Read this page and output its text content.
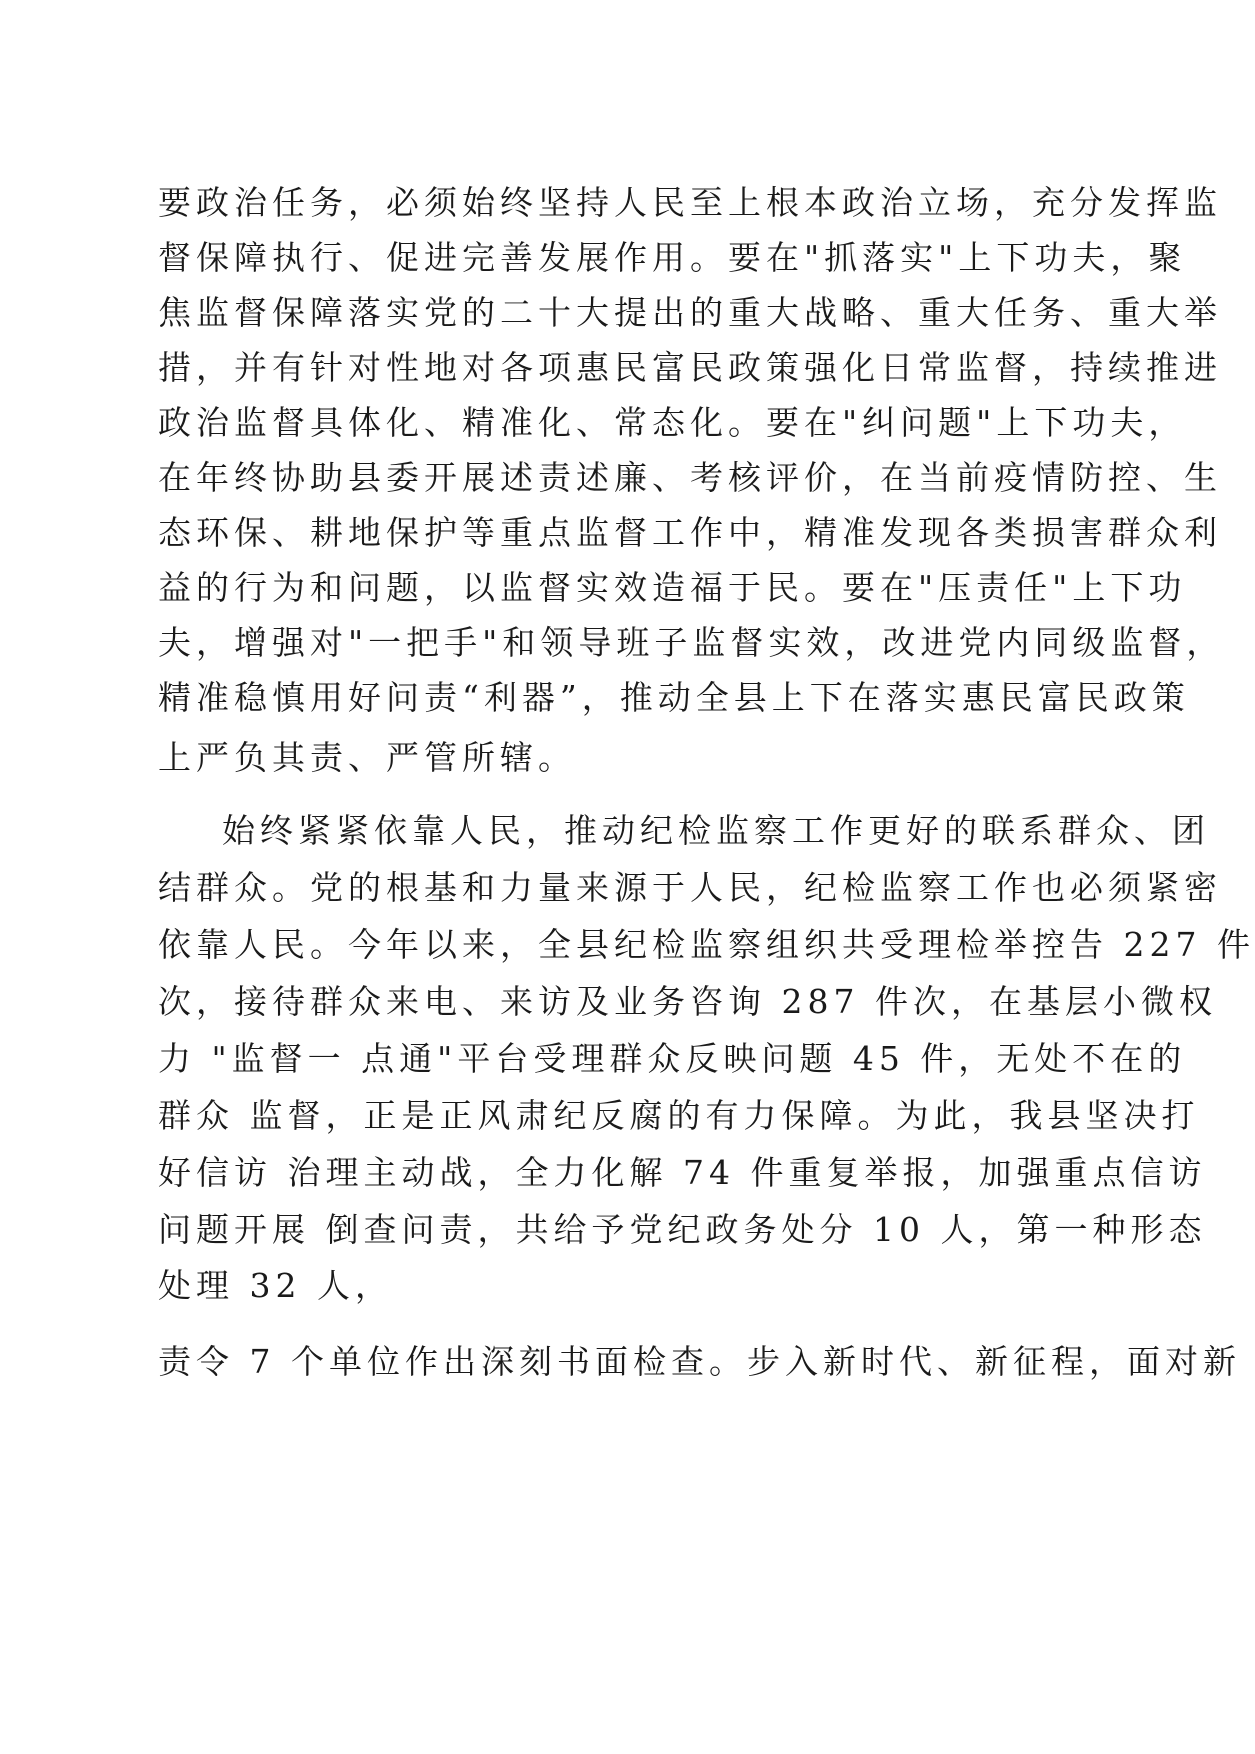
要政治任务，必须始终坚持人民至上根本政治立场，充分发挥监
督保障执行、促进完善发展作用。要在"抓落实"上下功夫，聚
焦监督保障落实党的二十大提出的重大战略、重大任务、重大举
措，并有针对性地对各项惠民富民政策强化日常监督，持续推进
政治监督具体化、精准化、常态化。要在"纠问题"上下功夫，
在年终协助县委开展述责述廉、考核评价，在当前疫情防控、生
态环保、耕地保护等重点监督工作中，精准发现各类损害群众利
益的行为和问题，以监督实效造福于民。要在"压责任"上下功
夫，增强对"一把手"和领导班子监督实效，改进党内同级监督，
精准稳慎用好问责“利器”，推动全县上下在落实惠民富民政策
上严负其责、严管所辖。
始终紧紧依靠人民，推动纪检监察工作更好的联系群众、团
结群众。党的根基和力量来源于人民，纪检监察工作也必须紧密
依靠人民。今年以来，全县纪检监察组织共受理检举控告 227 件
次，接待群众来电、来访及业务咨询 287 件次，在基层小微权
力 "监督一 点通"平台受理群众反映问题 45 件，无处不在的
群众 监督，正是正风肃纪反腐的有力保障。为此，我县坚决打
好信访 治理主动战，全力化解 74 件重复举报，加强重点信访
问题开展 倒查问责，共给予党纪政务处分 10 人，第一种形态
处理 32 人，
责令 7 个单位作出深刻书面检查。步入新时代、新征程，面对新
